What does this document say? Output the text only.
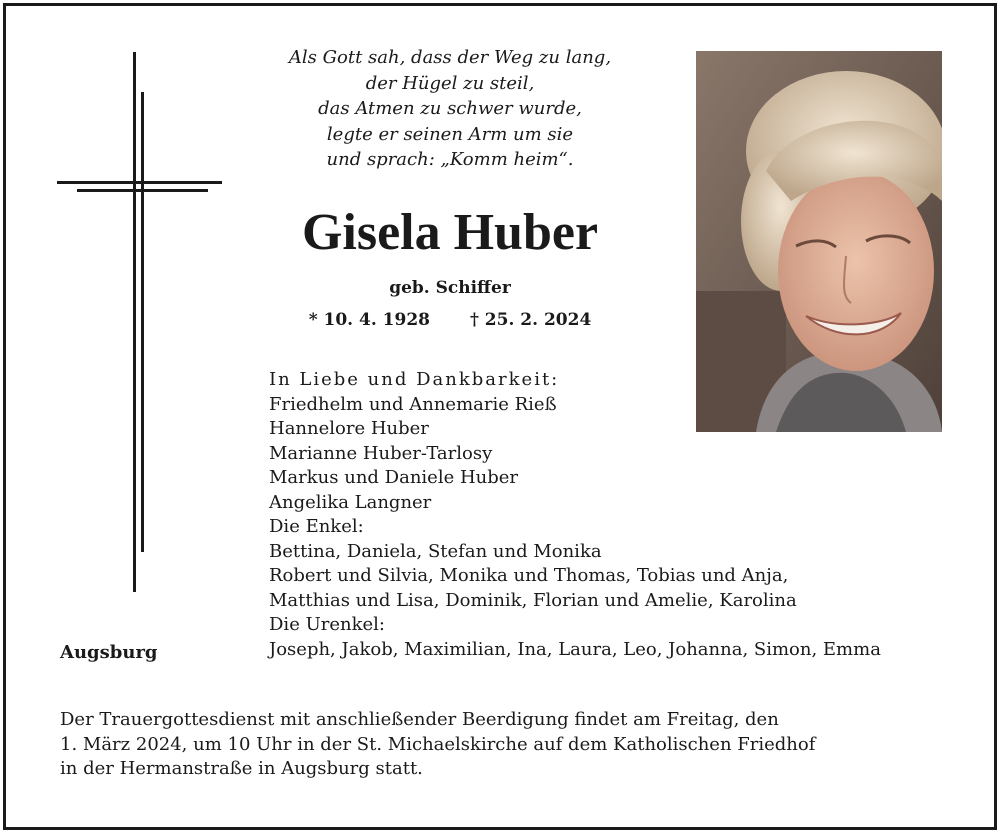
Als Gott sah, dass der Weg zu lang,
der Hügel zu steil,
das Atmen zu schwer wurde,
legte er seinen Arm um sie
und sprach: „Komm heim“.
Gisela Huber
geb. Schiffer
* 10. 4. 1928 † 25. 2. 2024
In Liebe und Dankbarkeit:
Friedhelm und Annemarie Rieß
Hannelore Huber
Marianne Huber-Tarlosy
Markus und Daniele Huber
Angelika Langner
Die Enkel:
Bettina, Daniela, Stefan und Monika
Robert und Silvia, Monika und Thomas, Tobias und Anja,
Matthias und Lisa, Dominik, Florian und Amelie, Karolina
Die Urenkel:
Joseph, Jakob, Maximilian, Ina, Laura, Leo, Johanna, Simon, Emma
Augsburg
Der Trauergottesdienst mit anschließender Beerdigung findet am Freitag, den
1. März 2024, um 10 Uhr in der St. Michaelskirche auf dem Katholischen Friedhof
in der Hermanstraße in Augsburg statt.
